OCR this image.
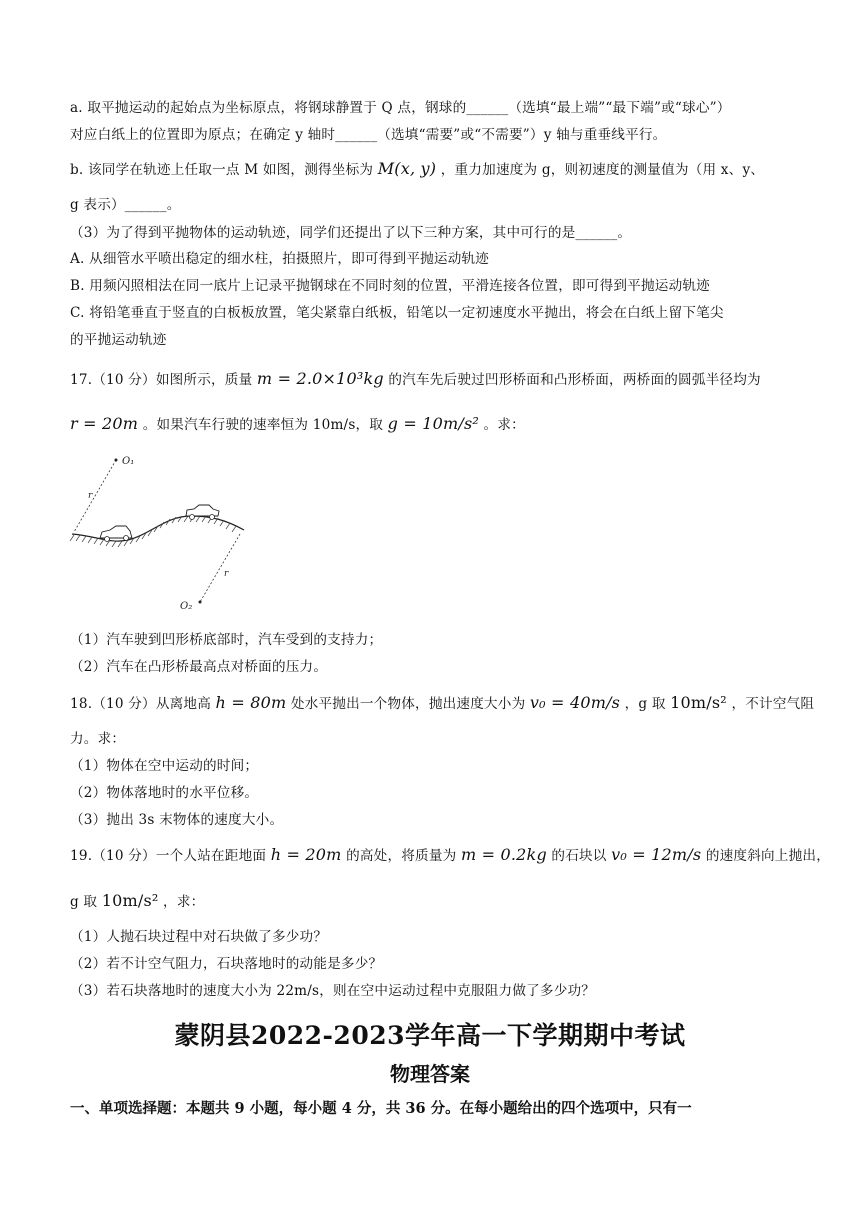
a. 取平抛运动的起始点为坐标原点，将钢球静置于 Q 点，钢球的______（选填“最上端”“最下端”或“球心”）
对应白纸上的位置即为原点；在确定 y 轴时______（选填“需要”或“不需要”）y 轴与重垂线平行。
b. 该同学在轨迹上任取一点 M 如图，测得坐标为 M(x, y) ，重力加速度为 g，则初速度的测量值为（用 x、y、
g 表示）______。
（3）为了得到平抛物体的运动轨迹，同学们还提出了以下三种方案，其中可行的是______。
A. 从细管水平喷出稳定的细水柱，拍摄照片，即可得到平抛运动轨迹
B. 用频闪照相法在同一底片上记录平抛钢球在不同时刻的位置，平滑连接各位置，即可得到平抛运动轨迹
C. 将铅笔垂直于竖直的白板板放置，笔尖紧靠白纸板，铅笔以一定初速度水平抛出，将会在白纸上留下笔尖
的平抛运动轨迹
17.（10 分）如图所示，质量 m = 2.0×10³kg 的汽车先后驶过凹形桥面和凸形桥面，两桥面的圆弧半径均为
r = 20m 。如果汽车行驶的速率恒为 10m/s，取 g = 10m/s² 。求：
O₁
r
r
O₂
（1）汽车驶到凹形桥底部时，汽车受到的支持力；
（2）汽车在凸形桥最高点对桥面的压力。
18.（10 分）从离地高 h = 80m 处水平抛出一个物体，抛出速度大小为 v₀ = 40m/s ，g 取 10m/s² ，不计空气阻
力。求：
（1）物体在空中运动的时间；
（2）物体落地时的水平位移。
（3）抛出 3s 末物体的速度大小。
19.（10 分）一个人站在距地面 h = 20m 的高处，将质量为 m = 0.2kg 的石块以 v₀ = 12m/s 的速度斜向上抛出，
g 取 10m/s² ，求：
（1）人抛石块过程中对石块做了多少功？
（2）若不计空气阻力，石块落地时的动能是多少？
（3）若石块落地时的速度大小为 22m/s，则在空中运动过程中克服阻力做了多少功？
蒙阴县2022-2023学年高一下学期期中考试
物理答案
一、单项选择题：本题共 9 小题，每小题 4 分，共 36 分。在每小题给出的四个选项中，只有一
